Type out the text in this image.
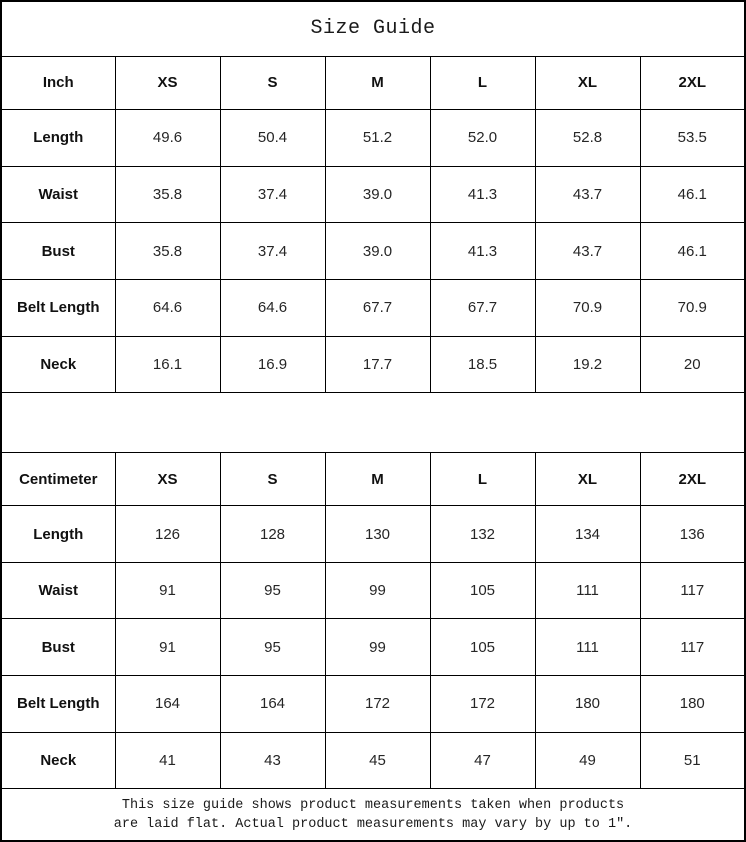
Size Guide						
Inch	XS	S	M	L	XL	2XL
Length	49.6	50.4	51.2	52.0	52.8	53.5
Waist	35.8	37.4	39.0	41.3	43.7	46.1
Bust	35.8	37.4	39.0	41.3	43.7	46.1
Belt Length	64.6	64.6	67.7	67.7	70.9	70.9
Neck	16.1	16.9	17.7	18.5	19.2	20

Centimeter	XS	S	M	L	XL	2XL
Length	126	128	130	132	134	136
Waist	91	95	99	105	111	117
Bust	91	95	99	105	111	117
Belt Length	164	164	172	172	180	180
Neck	41	43	45	47	49	51

This size guide shows product measurements taken when products
are laid flat. Actual product measurements may vary by up to 1″.						
